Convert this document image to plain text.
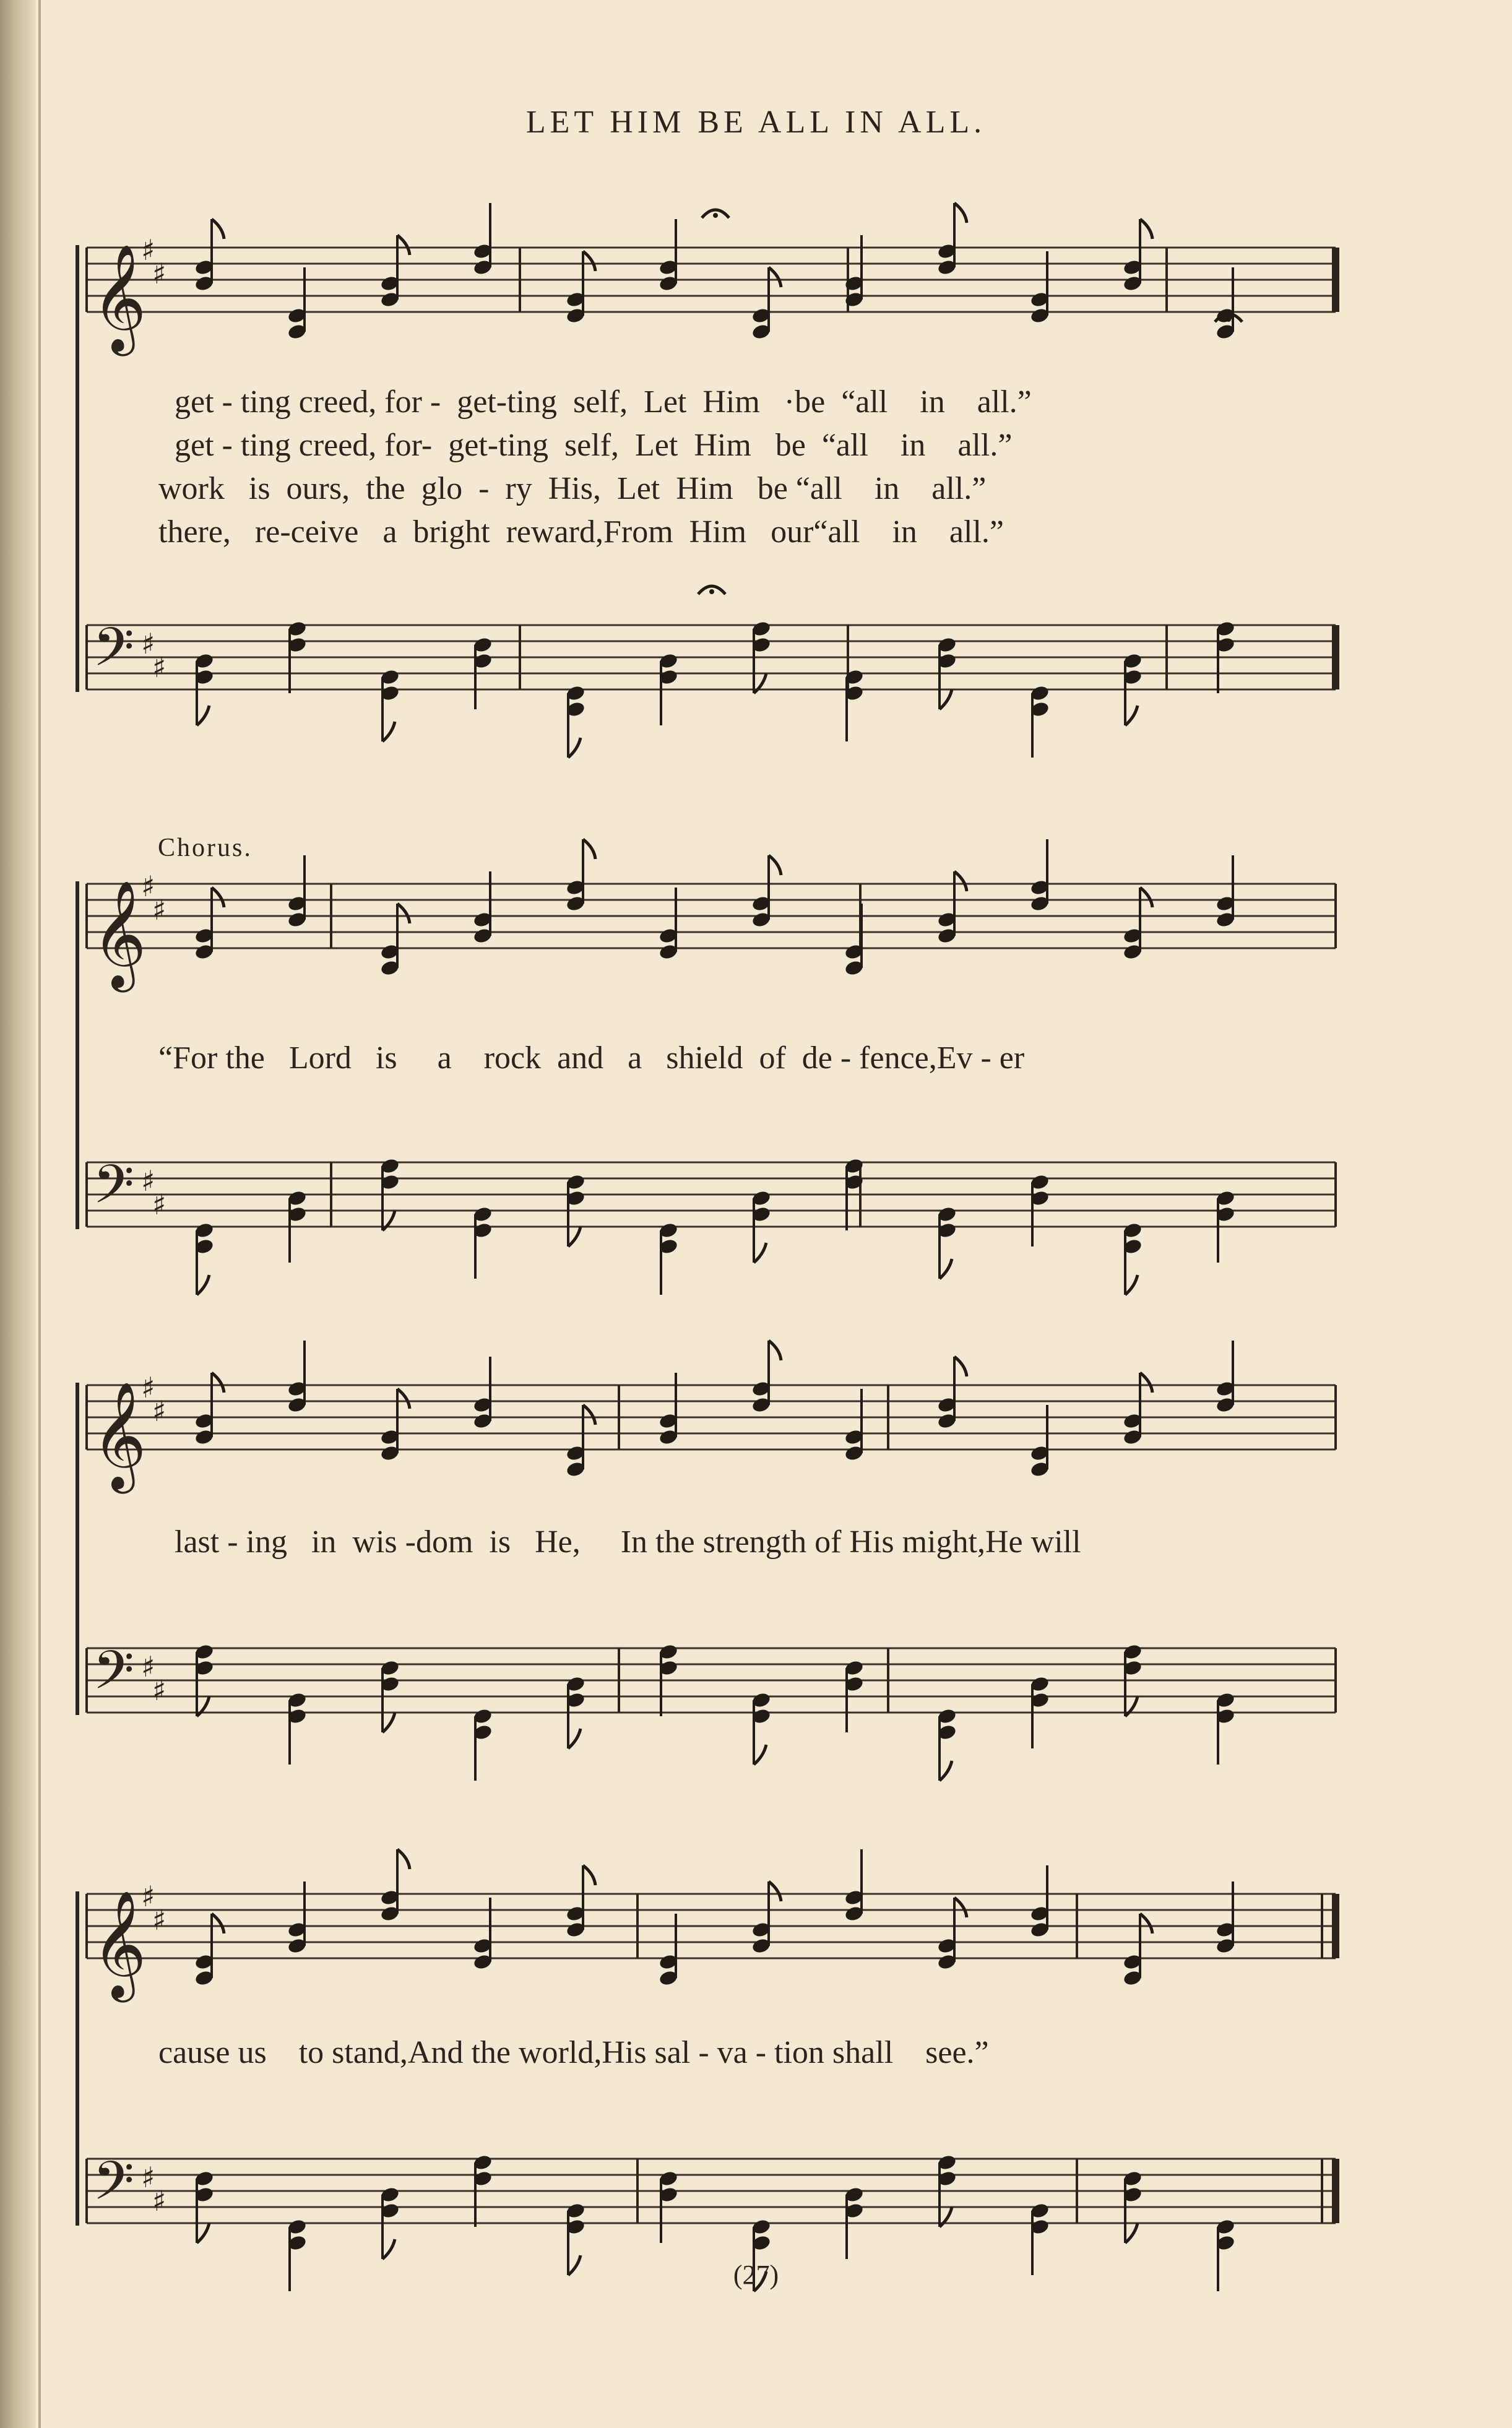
𝄞
♯
♯
𝄢 ♯
♯
𝄞
♯
♯
𝄢 ♯
♯
𝄞
♯
♯
𝄢 ♯
♯
𝄞
♯
♯
𝄢 ♯
♯
LET HIM BE ALL IN ALL.
get - ting creed, for -  get-ting  self,  Let  Him   ·be  “all    in    all.”
get - ting creed, for-  get-ting  self,  Let  Him   be  “all    in    all.”
work   is  ours,  the  glo  -  ry  His,  Let  Him   be “all    in    all.”
there,   re-ceive   a  bright  reward,From  Him   our“all    in    all.”
Chorus.
“For the   Lord   is     a    rock  and   a   shield  of  de - fence,Ev - er
last - ing   in  wis -dom  is   He,     In the strength of His might,He will
cause us    to stand,And the world,His sal - va - tion shall    see.”
(27)
